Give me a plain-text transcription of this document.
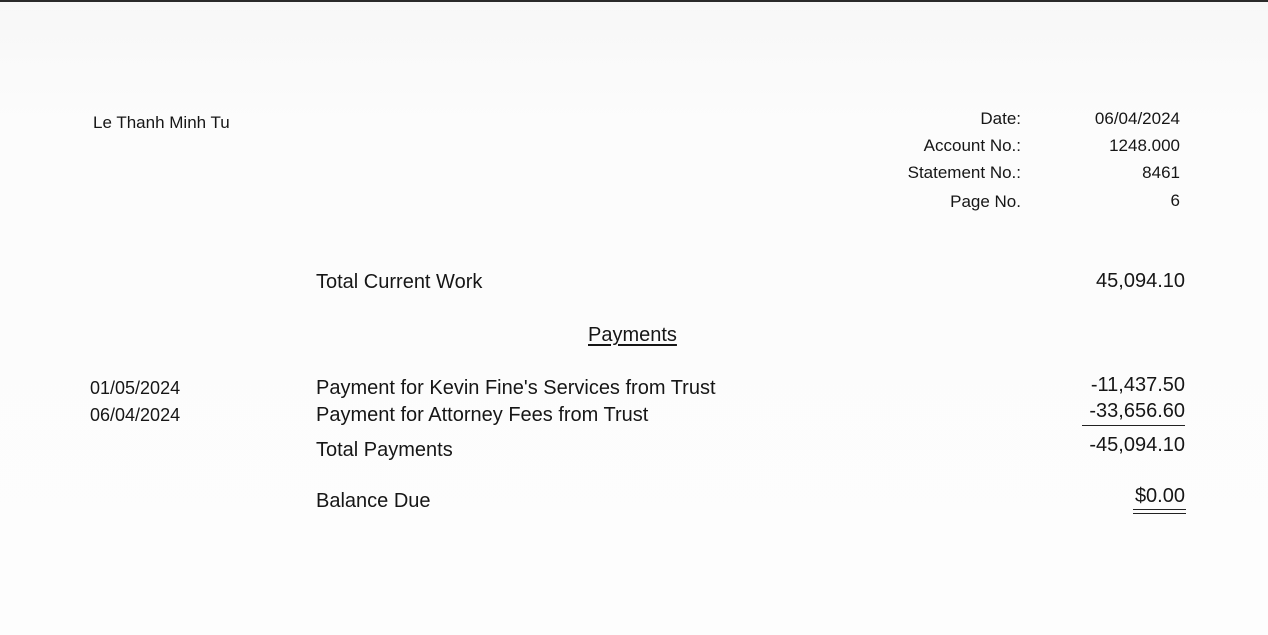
Le Thanh Minh Tu	Date:	06/04/2024
Account No.:	1248.000
Statement No.:	8461
Page No.	6
Total Current Work	45,094.10
Payments
01/05/2024	Payment for Kevin Fine's Services from Trust	-11,437.50
06/04/2024	Payment for Attorney Fees from Trust	-33,656.60
Total Payments	-45,094.10
Balance Due	$0.00
